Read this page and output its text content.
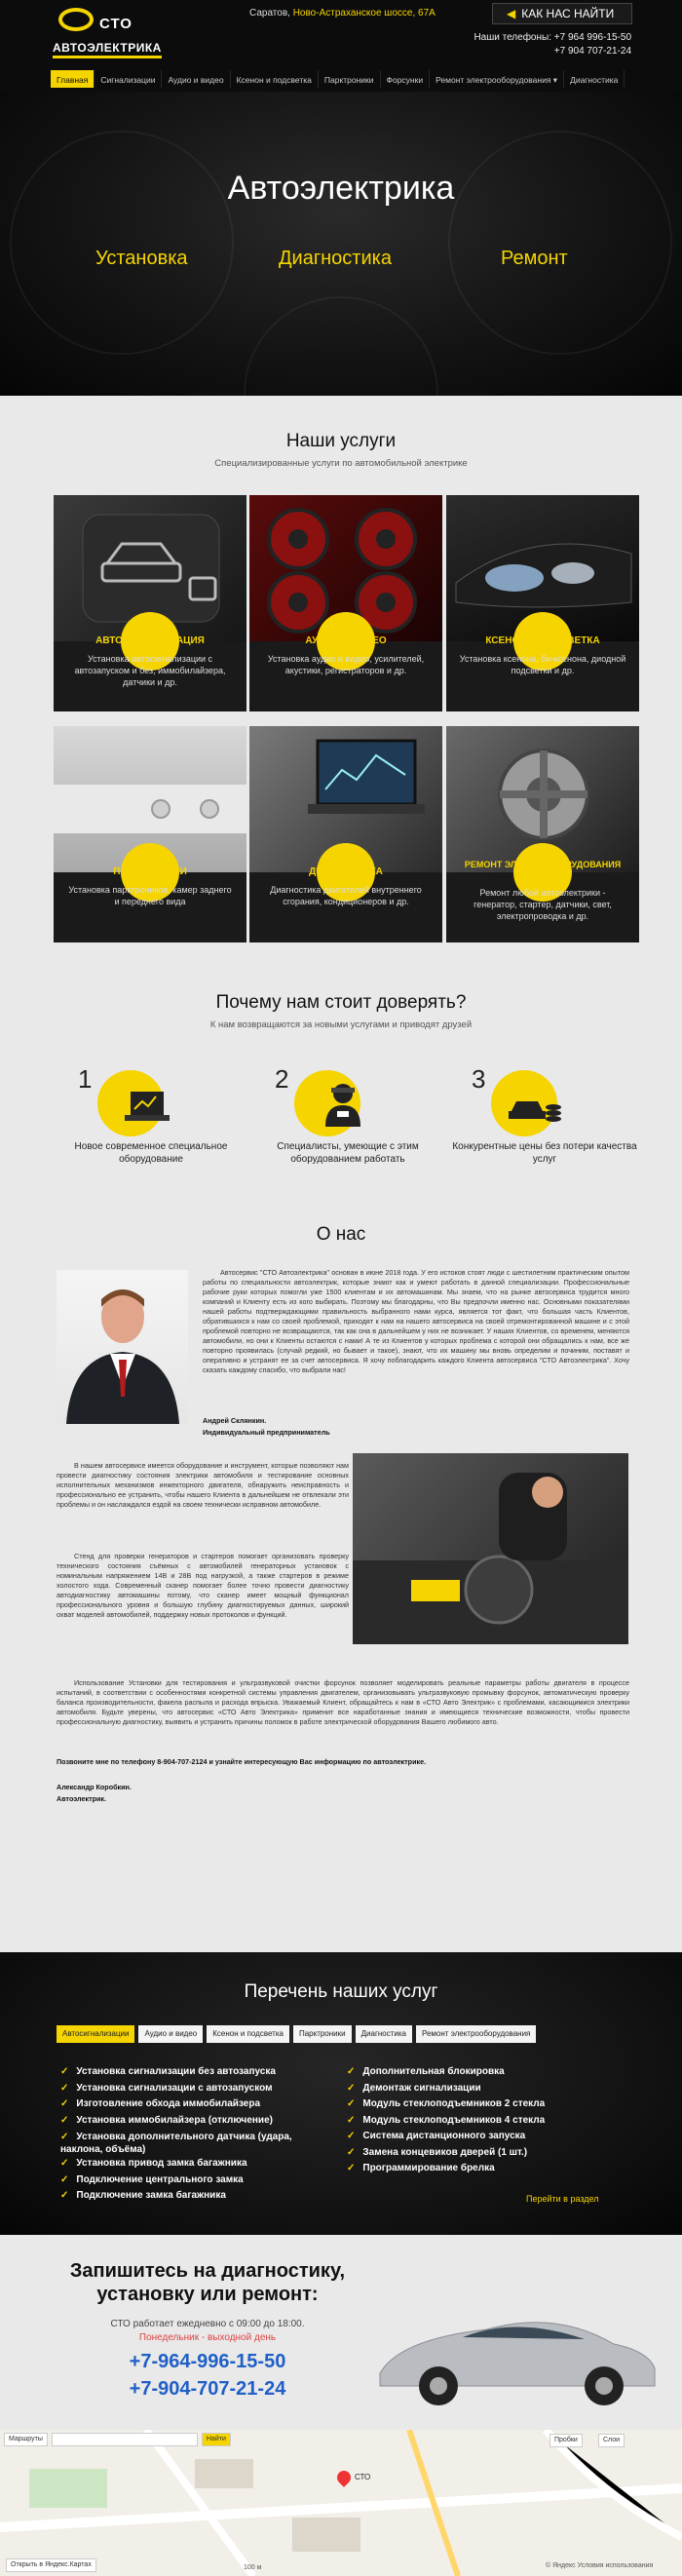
СТО
АВТОЭЛЕКТРИКА
Саратов, Ново-Астраханское шоссе, 67А	◀ КАК НАС НАЙТИ
Наши телефоны: +7 964 996-15-50
+7 904 707-21-24
Главная	Сигнализации	Аудио и видео	Ксенон и подсветка	Парктроники	Форсунки	Ремонт электрооборудования ▾	Диагностика
Автоэлектрика
Установка	Диагностика	Ремонт
Наши услуги
Специализированные услуги по автомобильной электрике
АВТОСИГНАЛИЗАЦИЯ
Установка автосигнализации с автозапуском и без, иммобилайзера, датчики и др.
АУДИО И ВИДЕО
Установка аудио и видео, усилителей, акустики, регистраторов и др.
КСЕНОН И ПОДСВЕТКА
Установка ксенона, би-ксенона, диодной подсветки и др.
ПАРКТРОНИКИ
Установка парктроников, камер заднего и переднего вида
ДИАГНОСТИКА
Диагностика двигателей внутреннего сгорания, кондиционеров и др.
РЕМОНТ ЭЛЕКТРООБОРУДОВАНИЯ
Ремонт любой автоэлектрики - генератор, стартер, датчики, свет, электропроводка и др.
Почему нам стоит доверять?
К нам возвращаются за новыми услугами и приводят друзей
1
Новое современное специальное оборудование
2
Специалисты, умеющие с этим оборудованием работать
3
Конкурентные цены без потери качества услуг
О нас
Автосервис "СТО Автоэлектрика" основан в июне 2018 года. У его истоков стоят люди с шестилетним практическим опытом работы по специальности автоэлектрик, которые знают как и умеют работать в данной специализации. Профессиональные рабочие руки которых помогли уже 1500 клиентам и их автомашинам. Мы знаем, что на рынке автосервиса трудится много компаний и Клиенту есть из кого выбирать. Поэтому мы благодарны, что Вы предпочли именно нас. Основными показателями нашей работы подтверждающими правильность выбранного нами курса, является тот факт, что большая часть Клиентов, обратившихся к нам со своей проблемой, приходят к нам на нашего автосервиса на своей отремонтированной машине и с этой проблемой повторно не возвращаются, так как она в дальнейшем у них не возникает. У наших Клиентов, со временем, меняются автомобили, но они к Клиенты остаются с нами! А те из Клиентов у которых проблема с которой они обращались к нам, все же повторно проявилась (случай редкий, но бывает и такое), знают, что их машину мы вновь определим и починим, поставят и оперативно и устранят ее за счет автосервиса. Я хочу поблагодарить каждого Клиента автосервиса "СТО Автоэлектрика". Хочу сказать каждому спасибо, что выбрали нас!
Андрей Склянкин.
Индивидуальный предприниматель
В нашем автосервисе имеется оборудование и инструмент, которые позволяют нам провести диагностику состояния электрики автомобиля и тестирование основных исполнительных механизмов инжекторного двигателя, обнаружить неисправность и профессионально ее устранить, чтобы нашего Клиента в дальнейшем не отвлекали эти проблемы и он наслаждался ездой на своем технически исправном автомобиле.
Стенд для проверки генераторов и стартеров помогает организовать проверку технического состояния съёмных с автомобилей генераторных установок с номинальным напряжением 14В и 28В под нагрузкой, а также стартеров в режиме холостого хода. Современный сканер помогает более точно провести диагностику автодиагностику автомашины потому, что сканер имеет мощный функционал профессионального уровня и большую глубину диагностируемых данных, широкий охват моделей автомобилей, поддержку новых протоколов и функций.
Использование Установки для тестирования и ультразвуковой очистки форсунок позволяет моделировать реальные параметры работы двигателя в процессе испытаний, в соответствии с особенностями конкретной системы управления двигателем, организовывать ультразвуковую промывку форсунок, автоматическую проверку баланса производительности, факела распыла и расхода впрыска. Уважаемый Клиент, обращайтесь к нам в «СТО Авто Электрик» с проблемами, касающимися электрики автомобиля. Будьте уверены, что автосервис «СТО Авто Электрика» применит все наработанные знания и имеющиеся технические возможности, чтобы провести профессиональную диагностику, выявить и устранить причины поломок в работе электрической оборудования Вашего любимого авто.
Позвоните мне по телефону 8-904-707-2124 и узнайте интересующую Вас информацию по автоэлектрике.
Александр Коробкин.
Автоэлектрик.
Перечень наших услуг
Автосигнализации	Аудио и видео	Ксенон и подсветка	Парктроники	Диагностика	Ремонт электрооборудования
✓ Установка сигнализации без автозапуска
✓ Установка сигнализации с автозапуском
✓ Изготовление обхода иммобилайзера
✓ Установка иммобилайзера (отключение)
✓ Установка дополнительного датчика (удара, наклона, объёма)
✓ Установка привод замка багажника
✓ Подключение центрального замка
✓ Подключение замка багажника
✓ Дополнительная блокировка
✓ Демонтаж сигнализации
✓ Модуль стеклоподъемников 2 стекла
✓ Модуль стеклоподъемников 4 стекла
✓ Система дистанционного запуска
✓ Замена концевиков дверей (1 шт.)
✓ Программирование брелка
Перейти в раздел
Запишитесь на диагностику, установку или ремонт:
СТО работает ежедневно с 09:00 до 18:00.
Понедельник - выходной день
+7-964-996-15-50
+7-904-707-21-24
Маршруты	Найти	Пробки	Слои
СТО
Открыть в Яндекс.Картах	© Яндекс Условия использования
100 м
